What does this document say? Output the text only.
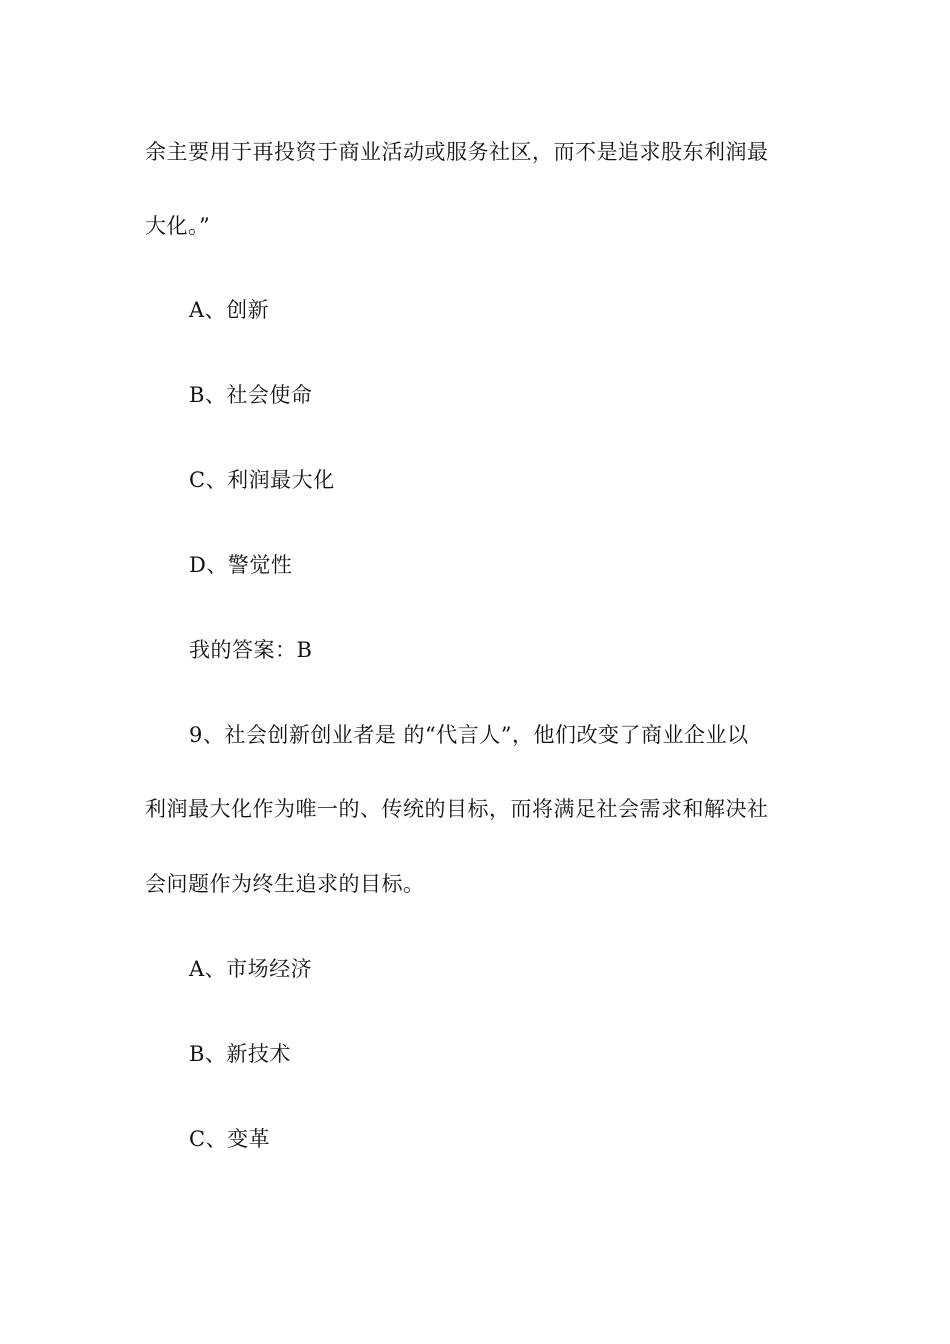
余主要用于再投资于商业活动或服务社区，而不是追求股东利润最
大化。”
A、创新
B、社会使命
C、利润最大化
D、警觉性
我的答案：B
9、社会创新创业者是 的“代言人”，他们改变了商业企业以
利润最大化作为唯一的、传统的目标，而将满足社会需求和解决社
会问题作为终生追求的目标。
A、市场经济
B、新技术
C、变革
